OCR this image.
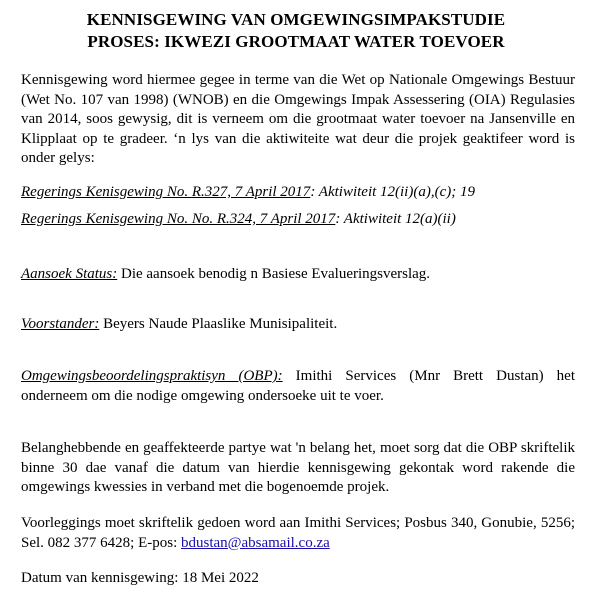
KENNISGEWING VAN OMGEWINGSIMPAKSTUDIE
PROSES: IKWEZI GROOTMAAT WATER TOEVOER
Kennisgewing word hiermee gegee in terme van die Wet op Nationale Omgewings Bestuur (Wet No. 107 van 1998) (WNOB) en die Omgewings Impak Assessering (OIA) Regulasies van 2014, soos gewysig, dit is verneem om die grootmaat water toevoer na Jansenville en Klipplaat op te gradeer. ‘n lys van die aktiwiteite wat deur die projek geaktifeer word is onder gelys:
Regerings Kenisgewing No. R.327, 7 April 2017: Aktiwiteit 12(ii)(a),(c); 19
Regerings Kenisgewing No. No. R.324, 7 April 2017: Aktiwiteit 12(a)(ii)
Aansoek Status: Die aansoek benodig n Basiese Evalueringsverslag.
Voorstander: Beyers Naude Plaaslike Munisipaliteit.
Omgewingsbeoordelingspraktisyn (OBP): Imithi Services (Mnr Brett Dustan) het onderneem om die nodige omgewing ondersoeke uit te voer.
Belanghebbende en geaffekteerde partye wat 'n belang het, moet sorg dat die OBP skriftelik binne 30 dae vanaf die datum van hierdie kennisgewing gekontak word rakende die omgewings kwessies in verband met die bogenoemde projek.
Voorleggings moet skriftelik gedoen word aan Imithi Services; Posbus 340, Gonubie, 5256; Sel. 082 377 6428; E-pos: bdustan@absamail.co.za
Datum van kennisgewing: 18 Mei 2022
